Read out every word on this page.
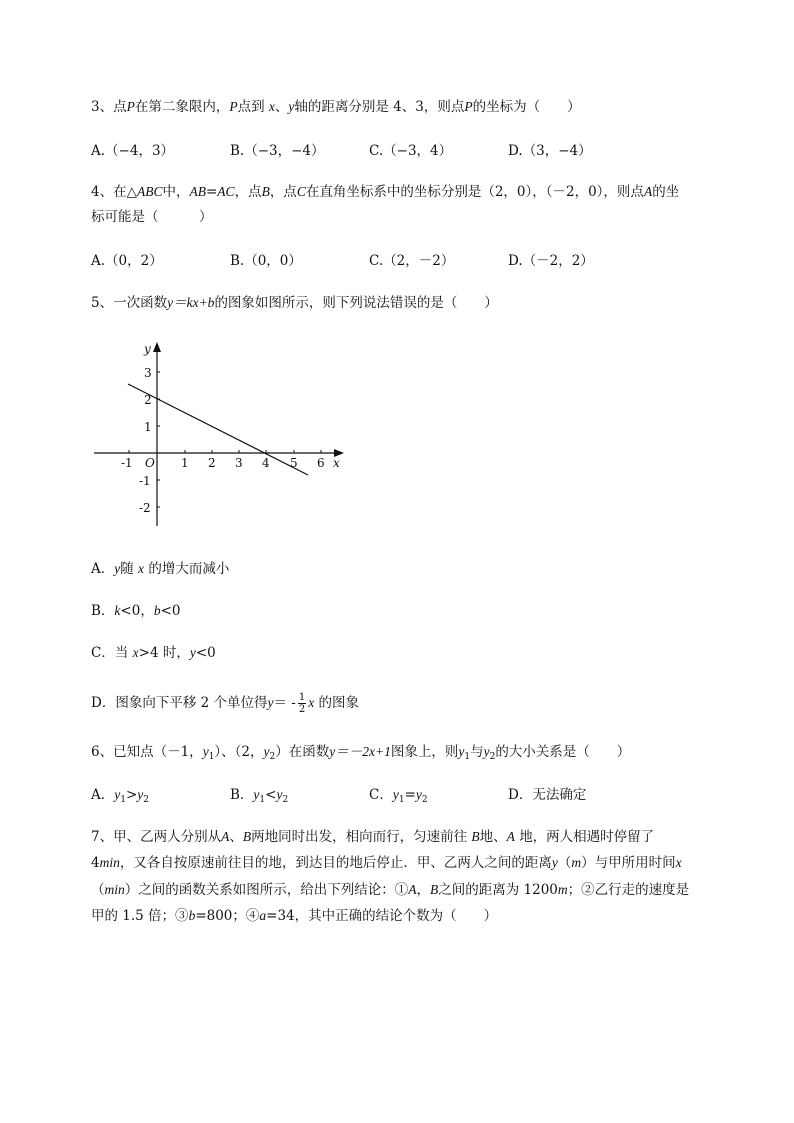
3、点P在第二象限内，P点到 x、y轴的距离分别是 4、3，则点P的坐标为（　　）
A.（−4，3）	B.（−3，−4）	C.（−3，4）	D.（3，−4）
4、在△ABC中，AB=AC，点B，点C在直角坐标系中的坐标分别是（2，0），（－2，0），则点A的坐
标可能是（　　　）
A.（0，2）	B.（0，0）	C.（2，－2）	D.（－2，2）
5、一次函数y＝kx+b的图象如图所示，则下列说法错误的是（　　）
x
y
O
-1	1 2 3 4 5 6
3
2
1
-1
-2
A．y随 x 的增大而减小
B．k<0，b<0
C．当 x>4 时，y<0
D．图象向下平移 2 个单位得$y= - \frac{1}{2}$ x 的图象
6、已知点（－1，$y_1$）、（2，$y_2$）在函数y＝－2x+1图象上，则$y_1$与$y_2$的大小关系是（　　）
A．$y_1>y_2$	B．$y_1<y_2$	C．$y_1=y_2$	D．无法确定
7、甲、乙两人分别从A、B两地同时出发，相向而行，匀速前往 B地、A 地，两人相遇时停留了
4min，又各自按原速前往目的地，到达目的地后停止．甲、乙两人之间的距离y（m）与甲所用时间x
（min）之间的函数关系如图所示，给出下列结论：①A，B之间的距离为 1200m；②乙行走的速度是
甲的 1.5 倍；③b=800；④a=34，其中正确的结论个数为（　　）
